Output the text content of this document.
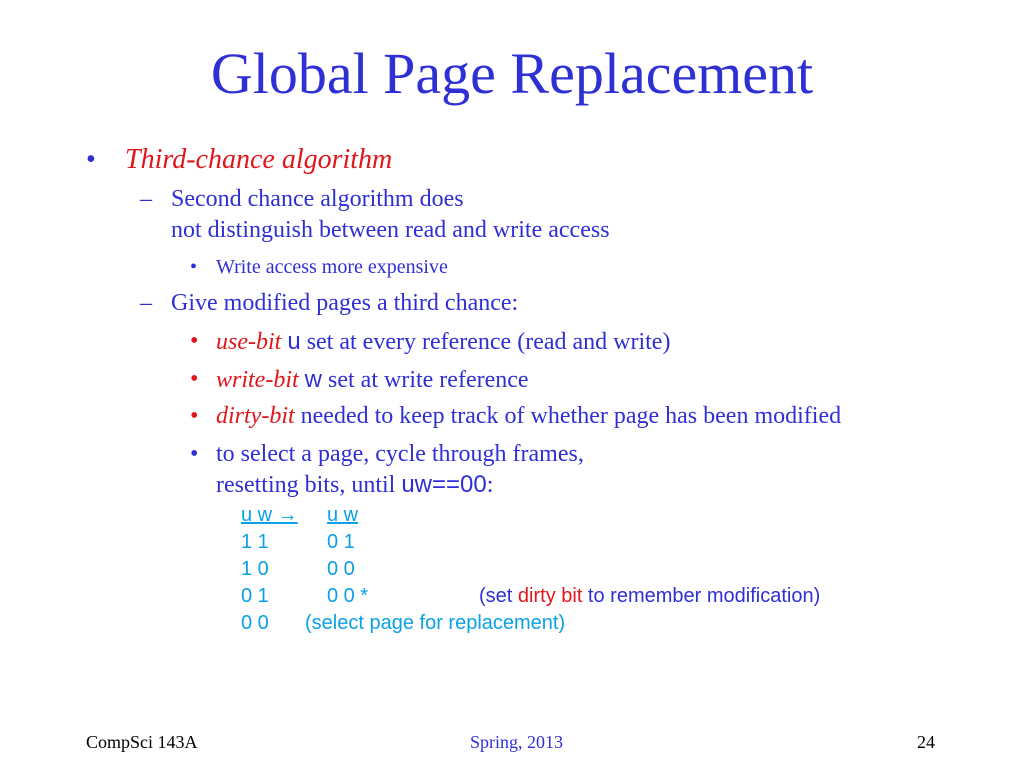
Global Page Replacement
• Third-chance algorithm
– Second chance algorithm does
not distinguish between read and write access
• Write access more expensive
– Give modified pages a third chance:
• use-bit u set at every reference (read and write)
• write-bit w set at write reference
• dirty-bit needed to keep track of whether page has been modified
• to select a page, cycle through frames,
resetting bits, until uw==00:
u w → u w
1 1	0 1
1 0	0 0
0 1	0 0 *	(set dirty bit to remember modification)
0 0 (select page for replacement)
CompSci 143A	Spring, 2013	24
